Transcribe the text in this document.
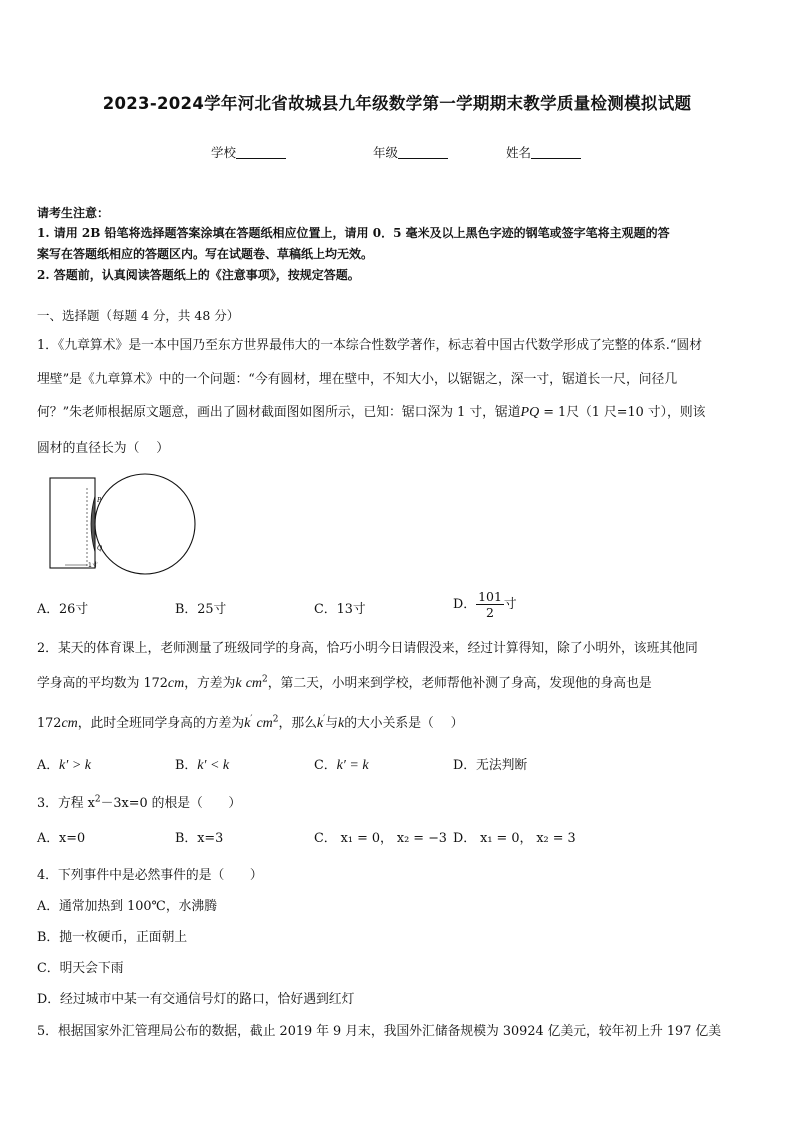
2023-2024学年河北省故城县九年级数学第一学期期末教学质量检测模拟试题
学校	年级	姓名
请考生注意：
1. 请用 2B 铅笔将选择题答案涂填在答题纸相应位置上，请用 0．5 毫米及以上黑色字迹的钢笔或签字笔将主观题的答
案写在答题纸相应的答题区内。写在试题卷、草稿纸上均无效。
2. 答题前，认真阅读答题纸上的《注意事项》，按规定答题。
一、选择题（每题 4 分，共 48 分）
1．《九章算术》是一本中国乃至东方世界最伟大的一本综合性数学著作，标志着中国古代数学形成了完整的体系.“圆材
埋壁”是《九章算术》中的一个问题：“今有圆材，埋在壁中，不知大小，以锯锯之，深一寸，锯道长一尺，问径几
何？”朱老师根据原文题意，画出了圆材截面图如图所示，已知：锯口深为 1 寸，锯道PQ = 1尺（1 尺=10 寸），则该
圆材的直径长为（　 ）
P
Q
1寸
A．26寸	B．25寸	C．13寸	D． $\frac{101}{2}$ 寸
2．某天的体育课上，老师测量了班级同学的身高，恰巧小明今日请假没来，经过计算得知，除了小明外，该班其他同
学身高的平均数为 172cm，方差为k $cm^2$，第二天，小明来到学校，老师帮他补测了身高，发现他的身高也是
172cm，此时全班同学身高的方差为k′ $cm^2$，那么k′与k的大小关系是（　 ）
A．k′ > k	B．k′ < k	C．k′ = k	D．无法判断
3．方程 $x^2-3x=0$ 的根是（　　）
A．x=0	B．x=3	C． x₁ = 0， x₂ = −3 D． x₁ = 0， x₂ = 3
4．下列事件中是必然事件的是（　　）
A．通常加热到 100℃，水沸腾
B．抛一枚硬币，正面朝上
C．明天会下雨
D．经过城市中某一有交通信号灯的路口，恰好遇到红灯
5．根据国家外汇管理局公布的数据，截止 2019 年 9 月末，我国外汇储备规模为 30924 亿美元，较年初上升 197 亿美
